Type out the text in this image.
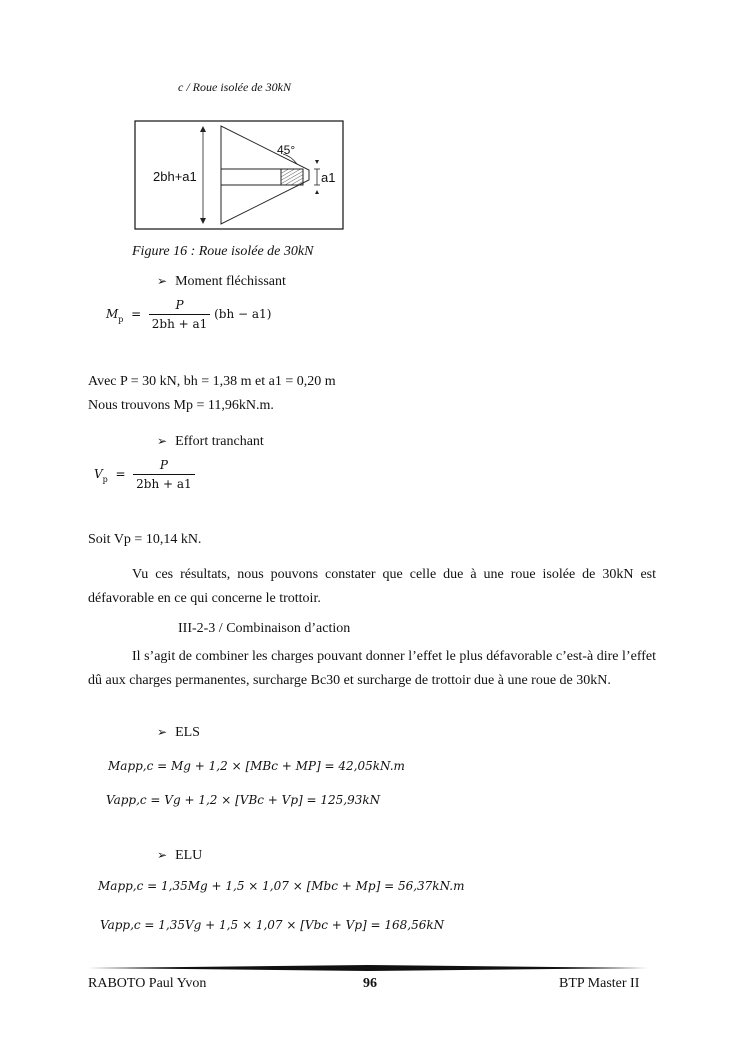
c / Roue isolée de 30kN
2bh+a1
45°
a1
Figure 16 : Roue isolée de 30kN
➢ Moment fléchissant
$M_p = \frac{P}{2bh + a1} (bh - a1)$
Avec P = 30 kN, bh = 1,38 m et a1 = 0,20 m
Nous trouvons Mp = 11,96kN.m.
➢ Effort tranchant
$V_p = \frac{P}{2bh + a1}$
Soit Vp = 10,14 kN.
Vu ces résultats, nous pouvons constater que celle due à une roue isolée de 30kN est défavorable en ce qui concerne le trottoir.
III-2-3 / Combinaison d’action
Il s’agit de combiner les charges pouvant donner l’effet le plus défavorable c’est-à dire l’effet dû aux charges permanentes, surcharge Bc30 et surcharge de trottoir due à une roue de 30kN.
➢ ELS
Mapp,c = Mg + 1,2 × [MBc + MP] = 42,05kN.m
Vapp,c = Vg + 1,2 × [VBc + Vp] = 125,93kN
➢ ELU
Mapp,c = 1,35Mg + 1,5 × 1,07 × [Mbc + Mp] = 56,37kN.m
Vapp,c = 1,35Vg + 1,5 × 1,07 × [Vbc + Vp] = 168,56kN
RABOTO Paul Yvon	96	BTP Master II
